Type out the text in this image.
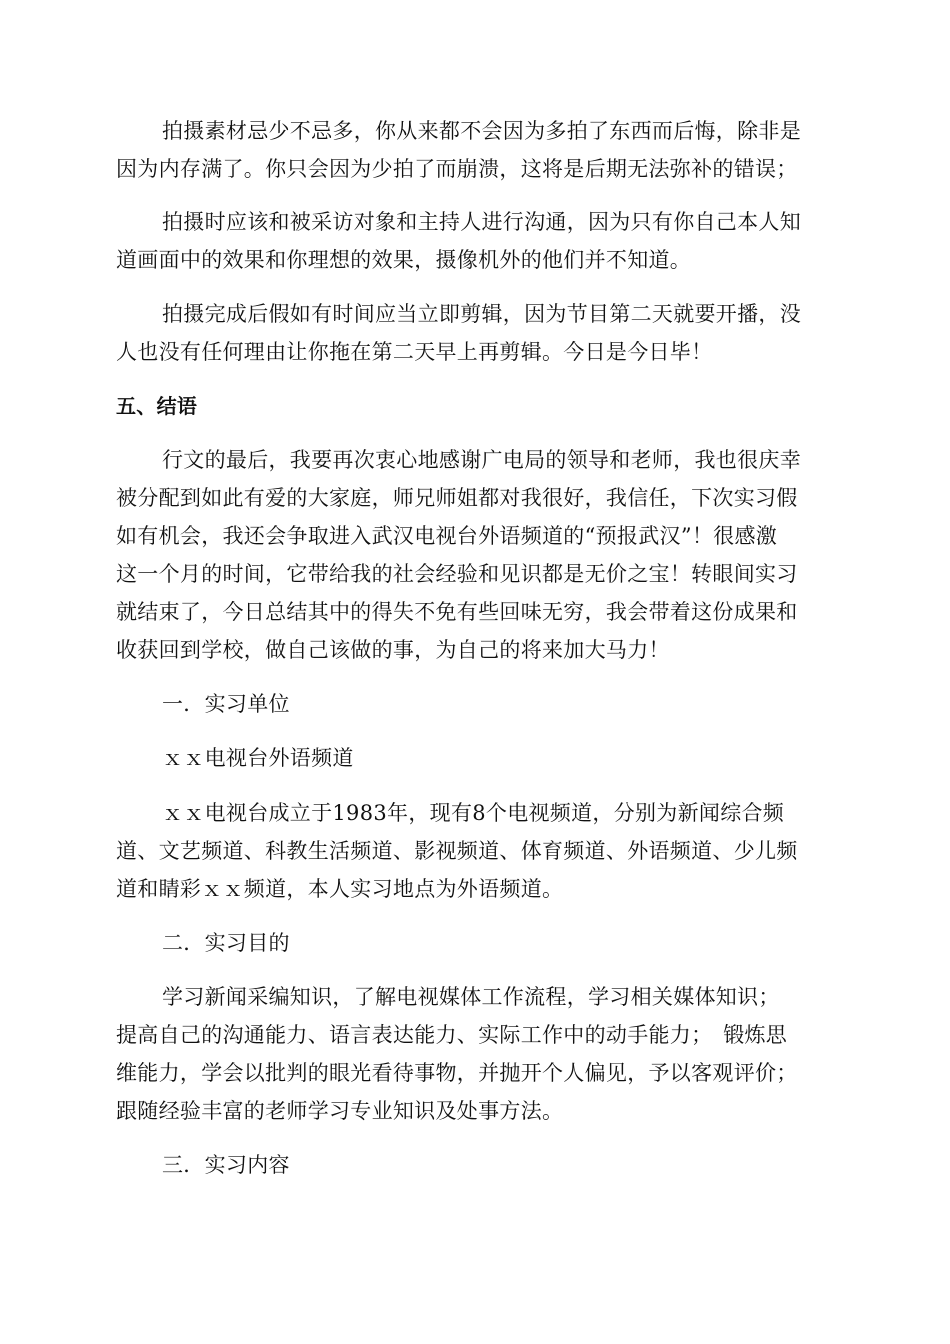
拍摄素材忌少不忌多，你从来都不会因为多拍了东西而后悔，除非是
因为内存满了。你只会因为少拍了而崩溃，这将是后期无法弥补的错误；
拍摄时应该和被采访对象和主持人进行沟通，因为只有你自己本人知
道画面中的效果和你理想的效果，摄像机外的他们并不知道。
拍摄完成后假如有时间应当立即剪辑，因为节目第二天就要开播，没
人也没有任何理由让你拖在第二天早上再剪辑。今日是今日毕！
五、结语
行文的最后，我要再次衷心地感谢广电局的领导和老师，我也很庆幸
被分配到如此有爱的大家庭，师兄师姐都对我很好，我信任，下次实习假
如有机会，我还会争取进入武汉电视台外语频道的“预报武汉”！很感激
这一个月的时间，它带给我的社会经验和见识都是无价之宝！转眼间实习
就结束了，今日总结其中的得失不免有些回味无穷，我会带着这份成果和
收获回到学校，做自己该做的事，为自己的将来加大马力！
一．实习单位
ｘｘ电视台外语频道
ｘｘ电视台成立于1983年，现有8个电视频道，分别为新闻综合频
道、文艺频道、科教生活频道、影视频道、体育频道、外语频道、少儿频
道和睛彩ｘｘ频道，本人实习地点为外语频道。
二．实习目的
学习新闻采编知识，了解电视媒体工作流程，学习相关媒体知识；
提高自己的沟通能力、语言表达能力、实际工作中的动手能力；　锻炼思
维能力，学会以批判的眼光看待事物，并抛开个人偏见，予以客观评价；
跟随经验丰富的老师学习专业知识及处事方法。
三．实习内容
